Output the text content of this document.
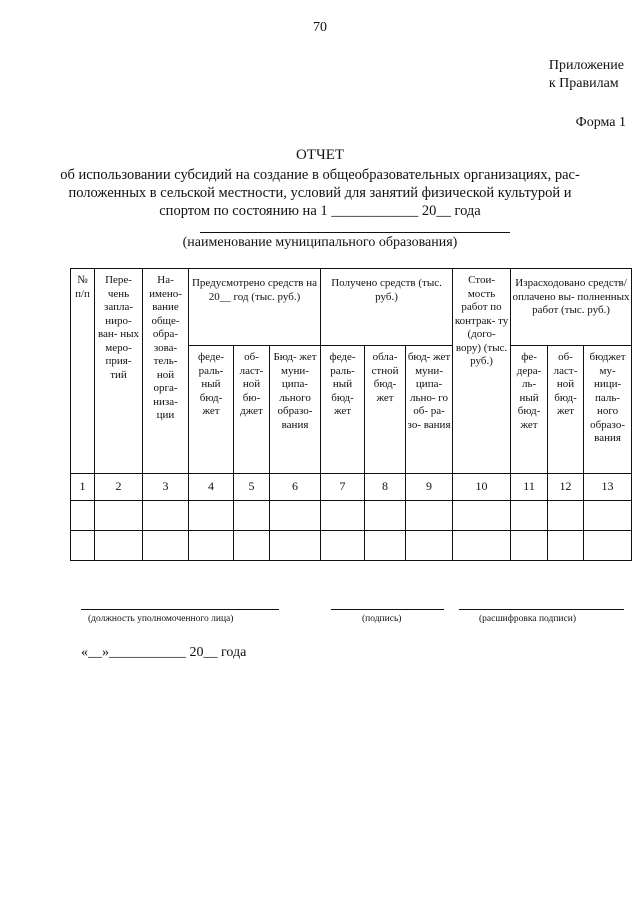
70
Приложение
к Правилам
Форма 1
ОТЧЕТ
об использовании субсидий на создание в общеобразовательных организациях, рас-
положенных в сельской местности, условий для занятий физической культурой и
спортом по состоянию на 1 ____________ 20__ года
(наименование муниципального образования)
№ п/п	Пере- чень запла- ниро- ван- ных меро- прия- тий	На- имено- вание обще- обра- зова- тель- ной орга- низа- ции	Предусмотрено средств на 20__ год (тыс. руб.)			Получено средств (тыс. руб.)			Стои- мость работ по контрак- ту (дого- вору) (тыс. руб.)	Израсходовано средств/оплачено вы- полненных работ (тыс. руб.)		
			феде- раль- ный бюд- жет	об- ласт- ной бю- джет	Бюд- жет муни- ципа- льного образо- вания	феде- раль- ный бюд- жет	обла- стной бюд- жет	бюд- жет муни- ципа- льно- го об- ра-зо- вания		фе- дера- ль- ный бюд- жет	об- ласт- ной бюд- жет	бюджет му- ници- паль- ного образо- вания
1	2	3	4	5	6	7	8	9	10	11	12	13

(должность уполномоченного лица)	(подпись)	(расшифровка подписи)
«__»___________ 20__ года
